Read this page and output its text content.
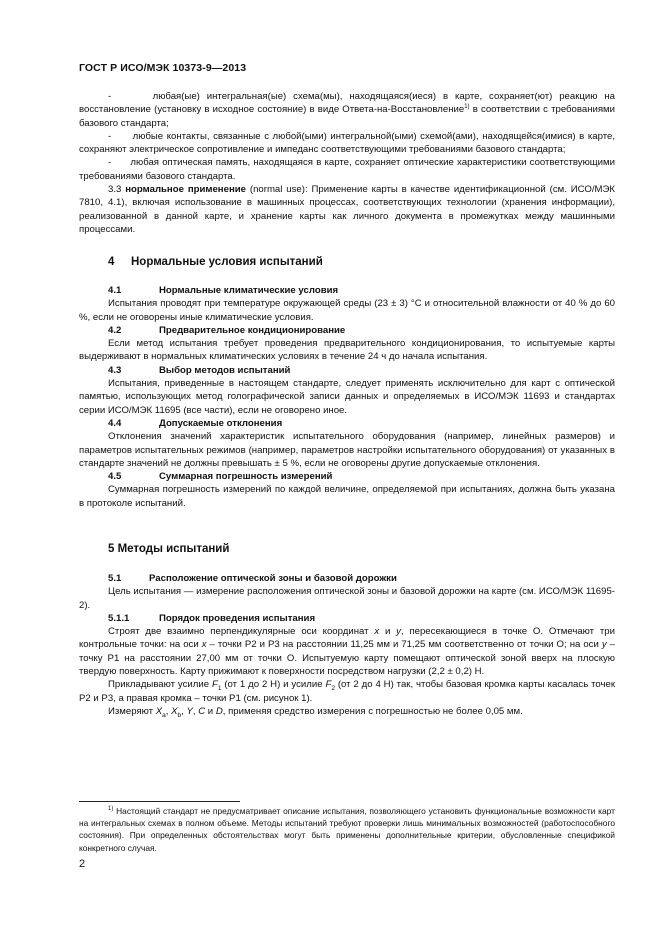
ГОСТ Р ИСО/МЭК 10373-9—2013

-	любая(ые) интегральная(ые) схема(мы), находящаяся(иеся) в карте, сохраняет(ют) реакцию на восстановление (установку в исходное состояние) в виде Ответа-на-Восстановление$^{1)}$ в соответствии с требованиями базового стандарта;

- любые контакты, связанные с любой(ыми) интегральной(ыми) схемой(ами), находящейся(имися) в карте, сохраняют электрическое сопротивление и импеданс соответствующими требованиями базового стандарта;

- любая оптическая память, находящаяся в карте, сохраняет оптические характеристики соответствующими требованиями базового стандарта.

3.3 нормальное применение (normal use): Применение карты в качестве идентификационной (см. ИСО/МЭК 7810, 4.1), включая использование в машинных процессах, соответствующих технологии (хранения информации), реализованной в данной карте, и хранение карты как личного документа в промежутках между машинными процессами.

4 Нормальные условия испытаний

4.1	Нормальные климатические условия

Испытания проводят при температуре окружающей среды (23 ± 3) °С и относительной влажности от 40 % до 60 %, если не оговорены иные климатические условия.

4.2	Предварительное кондиционирование

Если метод испытания требует проведения предварительного кондиционирования, то испытуемые карты выдерживают в нормальных климатических условиях в течение 24 ч до начала испытания.

4.3	Выбор методов испытаний

Испытания, приведенные в настоящем стандарте, следует применять исключительно для карт с оптической памятью, использующих метод голографической записи данных и определяемых в ИСО/МЭК 11693 и стандартах серии ИСО/МЭК 11695 (все части), если не оговорено иное.

4.4	Допускаемые отклонения

Отклонения значений характеристик испытательного оборудования (например, линейных размеров) и параметров испытательных режимов (например, параметров настройки испытательного оборудования) от указанных в стандарте значений не должны превышать ± 5 %, если не оговорены другие допускаемые отклонения.

4.5	Суммарная погрешность измерений

Суммарная погрешность измерений по каждой величине, определяемой при испытаниях, должна быть указана в протоколе испытаний.

5 Методы испытаний

5.1	Расположение оптической зоны и базовой дорожки

Цель испытания — измерение расположения оптической зоны и базовой дорожки на карте (см. ИСО/МЭК 11695-2).

5.1.1	Порядок проведения испытания

Строят две взаимно перпендикулярные оси координат x и y, пересекающиеся в точке О. Отмечают три контрольные точки: на оси x – точки Р2 и Р3 на расстоянии 11,25 мм и 71,25 мм соответственно от точки О; на оси y – точку Р1 на расстоянии 27,00 мм от точки О. Испытуемую карту помещают оптической зоной вверх на плоскую твердую поверхность. Карту прижимают к поверхности посредством нагрузки (2,2 ± 0,2) Н.

Прикладывают усилие $F_1$ (от 1 до 2 Н) и усилие $F_2$ (от 2 до 4 Н) так, чтобы базовая кромка карты касалась точек Р2 и Р3, а правая кромка – точки Р1 (см. рисунок 1).

Измеряют $X_a$, $X_b$, Y, C и D, применяя средство измерения с погрешностью не более 0,05 мм.

$^{1)}$ Настоящий стандарт не предусматривает описание испытания, позволяющего установить функциональные возможности карт на интегральных схемах в полном объеме. Методы испытаний требуют проверки лишь минимальных возможностей (работоспособного состояния). При определенных обстоятельствах могут быть применены дополнительные критерии, обусловленные спецификой конкретного случая.

2
